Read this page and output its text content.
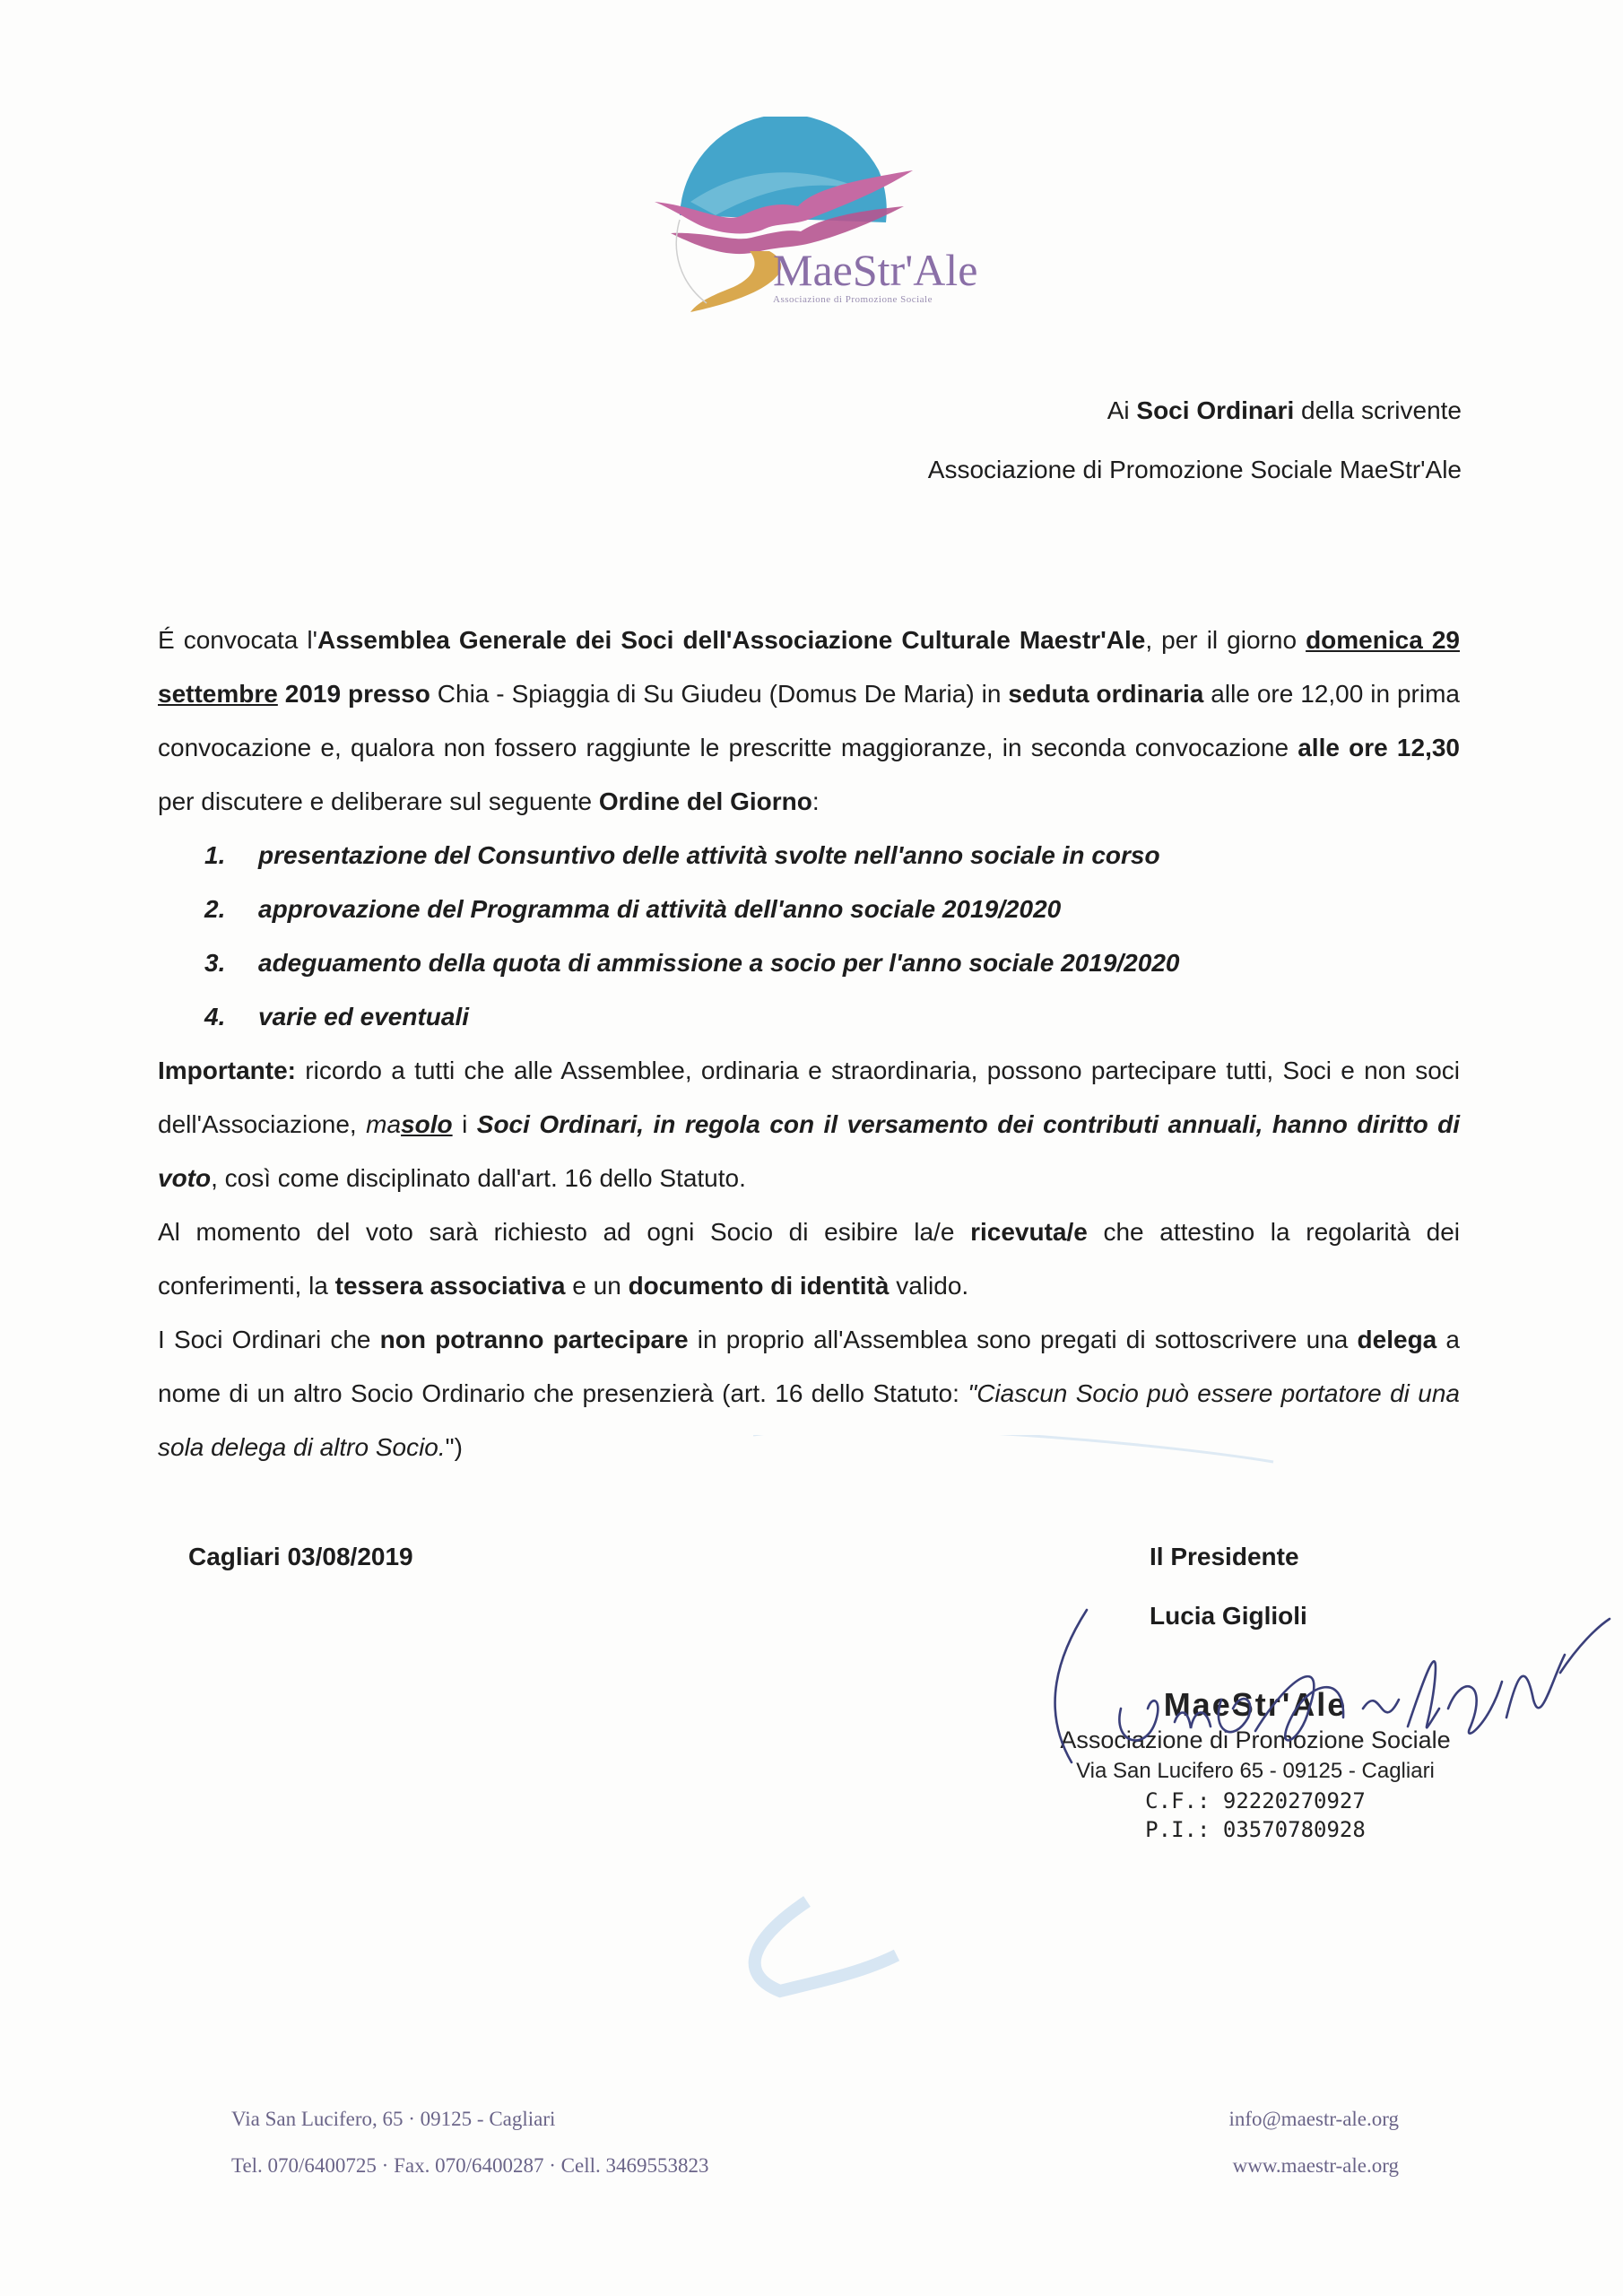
MaeStr'Ale
Associazione di Promozione Sociale
Ai Soci Ordinari della scrivente
Associazione di Promozione Sociale MaeStr'Ale

É convocata l'Assemblea Generale dei Soci dell'Associazione Culturale Maestr'Ale, per il giorno domenica 29 settembre 2019 presso Chia - Spiaggia di Su Giudeu (Domus De Maria) in seduta ordinaria alle ore 12,00 in prima convocazione e, qualora non fossero raggiunte le prescritte maggioranze, in seconda convocazione alle ore 12,30 per discutere e deliberare sul seguente Ordine del Giorno:

1.	presentazione del Consuntivo delle attività svolte nell'anno sociale in corso
2.	approvazione del Programma di attività dell'anno sociale 2019/2020
3.	adeguamento della quota di ammissione a socio per l'anno sociale 2019/2020
4.	varie ed eventuali

Importante: ricordo a tutti che alle Assemblee, ordinaria e straordinaria, possono partecipare tutti, Soci e non soci dell'Associazione, masolo i Soci Ordinari, in regola con il versamento dei contributi annuali, hanno diritto di voto, così come disciplinato dall'art. 16 dello Statuto.

Al momento del voto sarà richiesto ad ogni Socio di esibire la/e ricevuta/e che attestino la regolarità dei conferimenti, la tessera associativa e un documento di identità valido.

I Soci Ordinari che non potranno partecipare in proprio all'Assemblea sono pregati di sottoscrivere una delega a nome di un altro Socio Ordinario che presenzierà (art. 16 dello Statuto: "Ciascun Socio può essere portatore di una sola delega di altro Socio.")

Cagliari 03/08/2019	Il Presidente
Lucia Giglioli
MaeStr'Ale
Associazione di Promozione Sociale
Via San Lucifero 65 - 09125 - Cagliari
C.F.: 92220270927
P.I.: 03570780928
Via San Lucifero, 65 · 09125 - Cagliari
Tel. 070/6400725 · Fax. 070/6400287 · Cell. 3469553823
info@maestr-ale.org
www.maestr-ale.org
